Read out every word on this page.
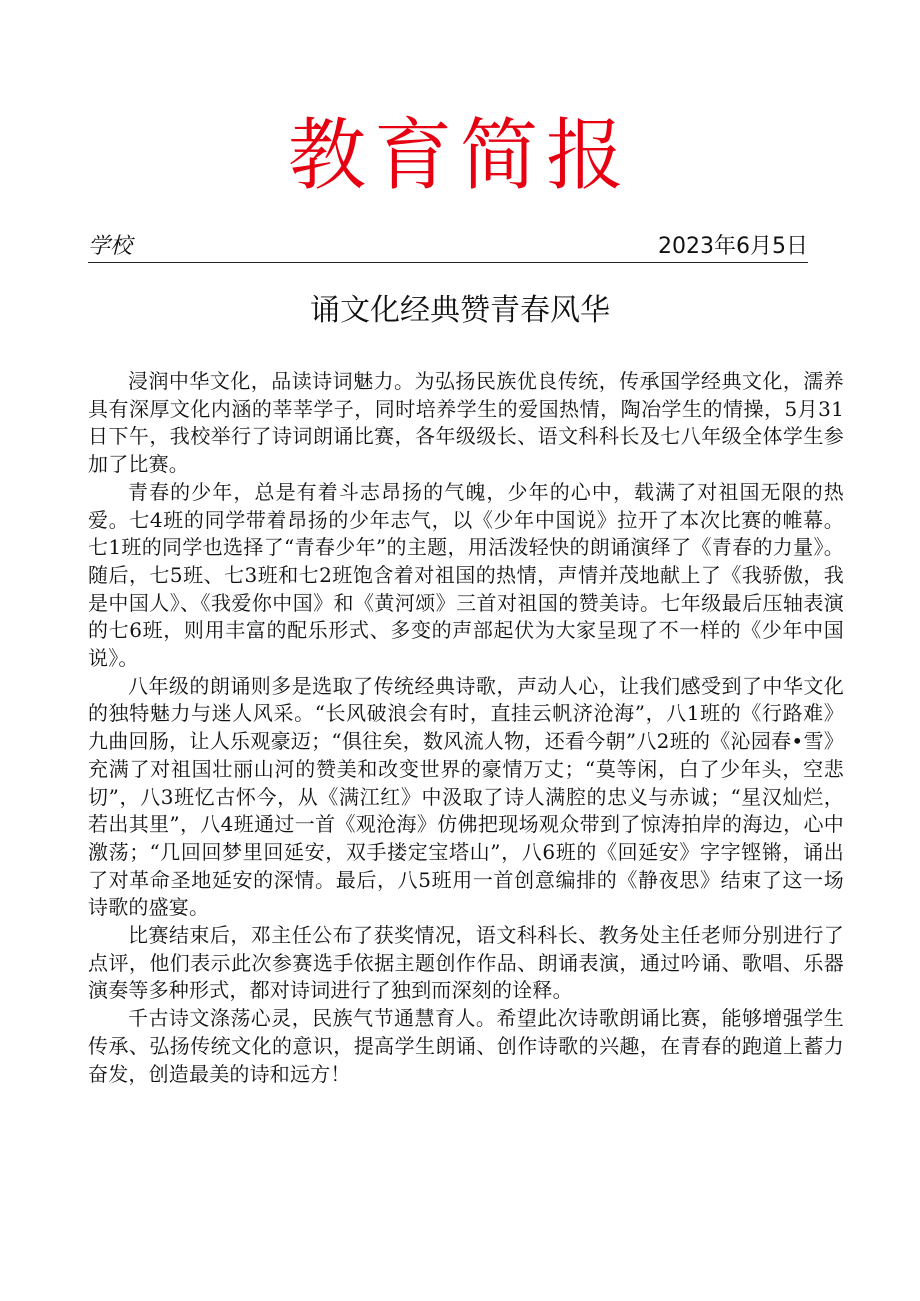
教育简报
学校	2023年6月5日
诵文化经典赞青春风华

浸润中华文化，品读诗词魅力。为弘扬民族优良传统，传承国学经典文化，濡养具有深厚文化内涵的莘莘学子，同时培养学生的爱国热情，陶冶学生的情操，5月31日下午，我校举行了诗词朗诵比赛，各年级级长、语文科科长及七八年级全体学生参加了比赛。

青春的少年，总是有着斗志昂扬的气魄，少年的心中，载满了对祖国无限的热爱。七4班的同学带着昂扬的少年志气，以《少年中国说》拉开了本次比赛的帷幕。七1班的同学也选择了“青春少年”的主题，用活泼轻快的朗诵演绎了《青春的力量》。随后，七5班、七3班和七2班饱含着对祖国的热情，声情并茂地献上了《我骄傲，我是中国人》、《我爱你中国》和《黄河颂》三首对祖国的赞美诗。七年级最后压轴表演的七6班，则用丰富的配乐形式、多变的声部起伏为大家呈现了不一样的《少年中国说》。

八年级的朗诵则多是选取了传统经典诗歌，声动人心，让我们感受到了中华文化的独特魅力与迷人风采。“长风破浪会有时，直挂云帆济沧海”，八1班的《行路难》九曲回肠，让人乐观豪迈；“俱往矣，数风流人物，还看今朝”八2班的《沁园春•雪》充满了对祖国壮丽山河的赞美和改变世界的豪情万丈；“莫等闲，白了少年头，空悲切”，八3班忆古怀今，从《满江红》中汲取了诗人满腔的忠义与赤诚；“星汉灿烂，若出其里”，八4班通过一首《观沧海》仿佛把现场观众带到了惊涛拍岸的海边，心中激荡；“几回回梦里回延安，双手搂定宝塔山”，八6班的《回延安》字字铿锵，诵出了对革命圣地延安的深情。最后，八5班用一首创意编排的《静夜思》结束了这一场诗歌的盛宴。

比赛结束后，邓主任公布了获奖情况，语文科科长、教务处主任老师分别进行了点评，他们表示此次参赛选手依据主题创作作品、朗诵表演，通过吟诵、歌唱、乐器演奏等多种形式，都对诗词进行了独到而深刻的诠释。

千古诗文涤荡心灵，民族气节通慧育人。希望此次诗歌朗诵比赛，能够增强学生传承、弘扬传统文化的意识，提高学生朗诵、创作诗歌的兴趣，在青春的跑道上蓄力奋发，创造最美的诗和远方！
